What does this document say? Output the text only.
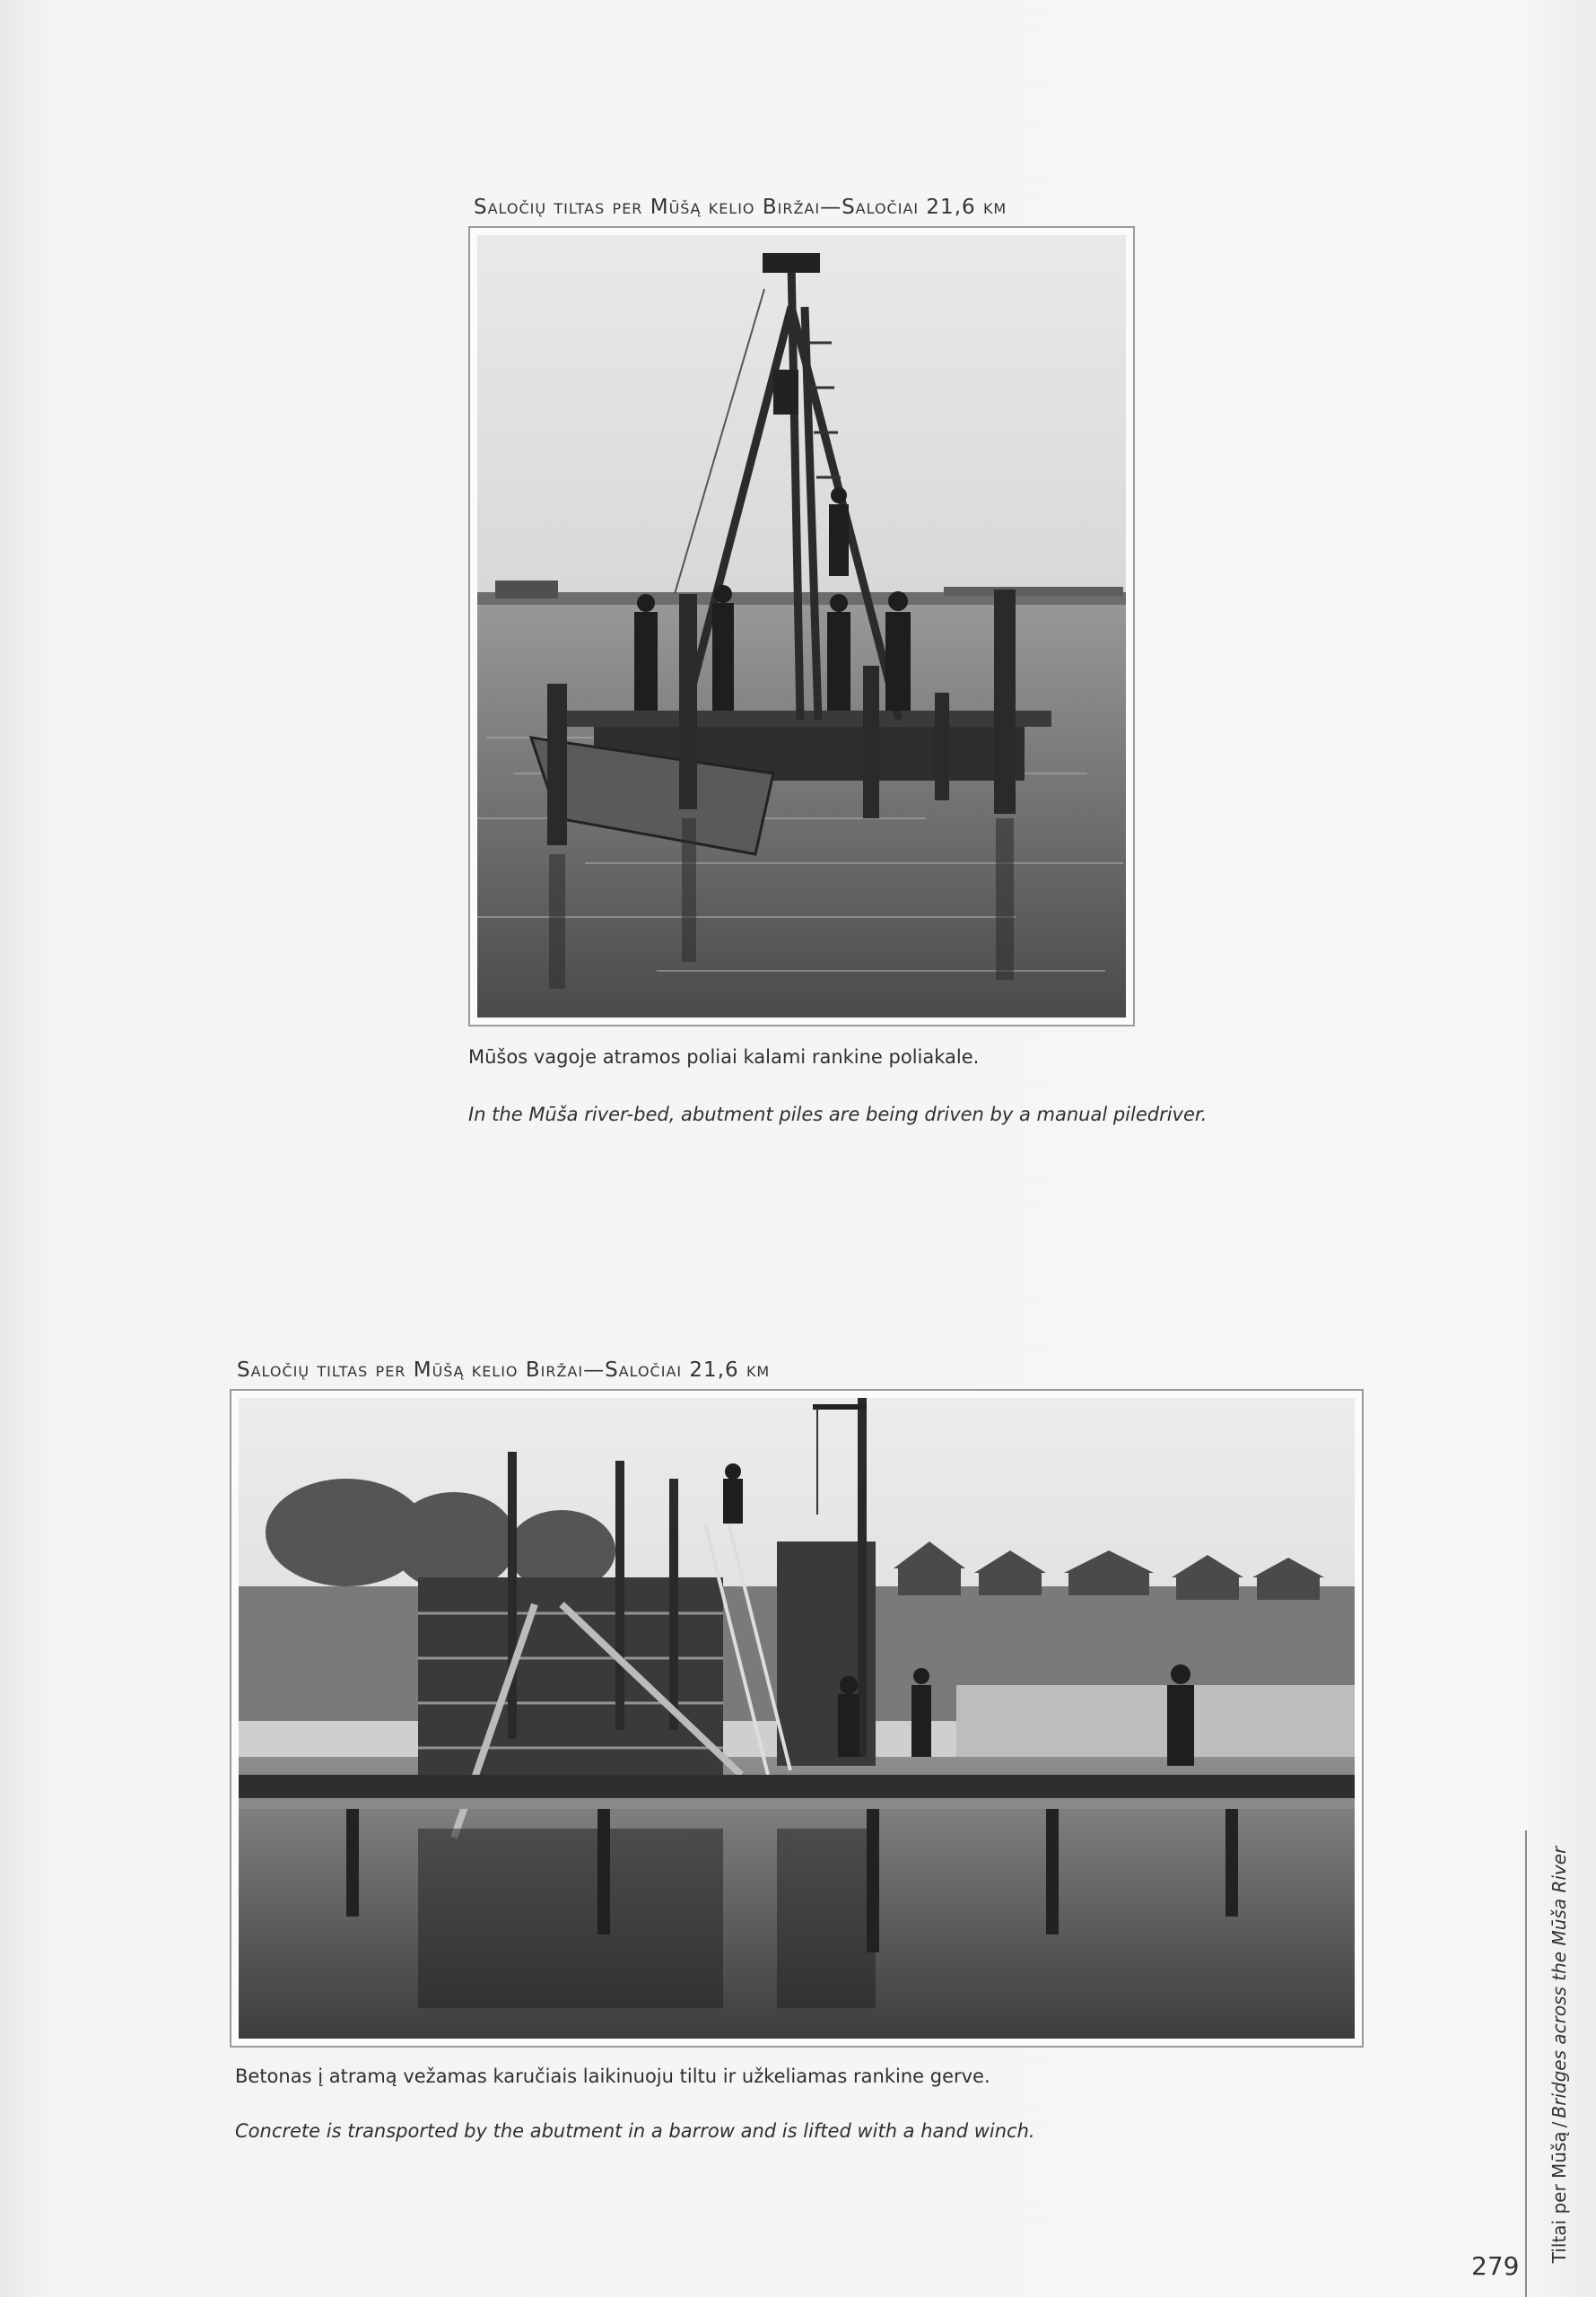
Saločių tiltas per Mūšą kelio Biržai—Saločiai 21,6 km
Mūšos vagoje atramos poliai kalami rankine poliakale.
In the Mūša river-bed, abutment piles are being driven by a manual piledriver.
Saločių tiltas per Mūšą kelio Biržai—Saločiai 21,6 km
Betonas į atramą vežamas karučiais laikinuoju tiltu ir užkeliamas rankine gerve.
Concrete is transported by the abutment in a barrow and is lifted with a hand winch.
Tiltai per Mūšą/Bridges across the Mūša River
279
